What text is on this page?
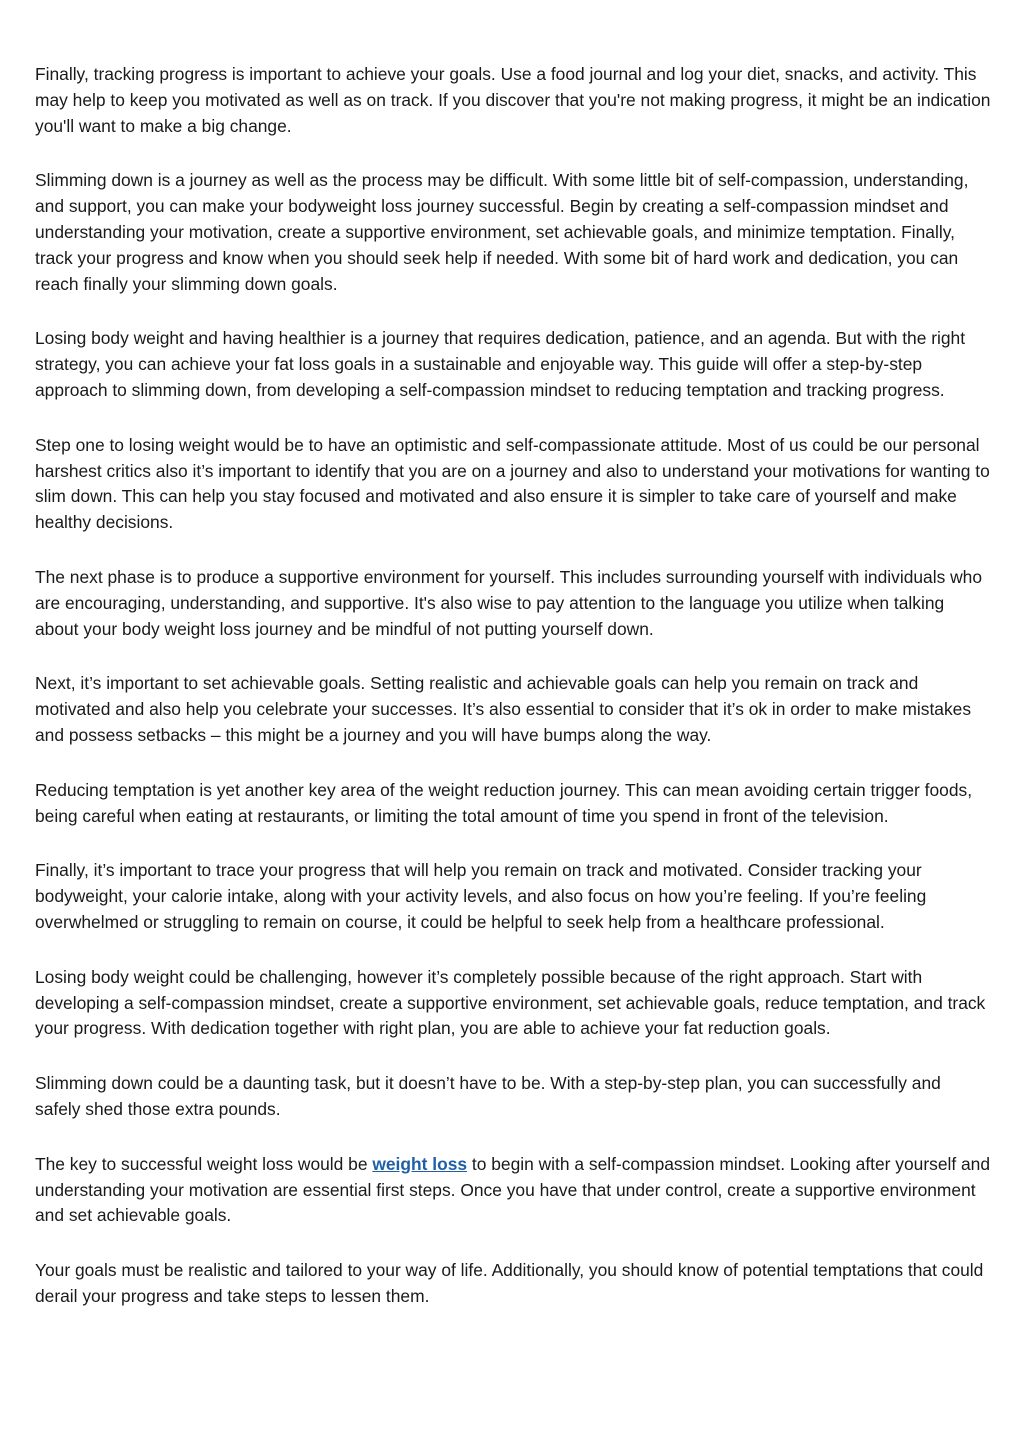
Finally, tracking progress is important to achieve your goals. Use a food journal and log your diet, snacks, and activity. This may help to keep you motivated as well as on track. If you discover that you're not making progress, it might be an indication you'll want to make a big change.

Slimming down is a journey as well as the process may be difficult. With some little bit of self-compassion, understanding, and support, you can make your bodyweight loss journey successful. Begin by creating a self-compassion mindset and understanding your motivation, create a supportive environment, set achievable goals, and minimize temptation. Finally, track your progress and know when you should seek help if needed. With some bit of hard work and dedication, you can reach finally your slimming down goals.

Losing body weight and having healthier is a journey that requires dedication, patience, and an agenda. But with the right strategy, you can achieve your fat loss goals in a sustainable and enjoyable way. This guide will offer a step-by-step approach to slimming down, from developing a self-compassion mindset to reducing temptation and tracking progress.

Step one to losing weight would be to have an optimistic and self-compassionate attitude. Most of us could be our personal harshest critics also it’s important to identify that you are on a journey and also to understand your motivations for wanting to slim down. This can help you stay focused and motivated and also ensure it is simpler to take care of yourself and make healthy decisions.

The next phase is to produce a supportive environment for yourself. This includes surrounding yourself with individuals who are encouraging, understanding, and supportive. It's also wise to pay attention to the language you utilize when talking about your body weight loss journey and be mindful of not putting yourself down.

Next, it’s important to set achievable goals. Setting realistic and achievable goals can help you remain on track and motivated and also help you celebrate your successes. It’s also essential to consider that it’s ok in order to make mistakes and possess setbacks – this might be a journey and you will have bumps along the way.

Reducing temptation is yet another key area of the weight reduction journey. This can mean avoiding certain trigger foods, being careful when eating at restaurants, or limiting the total amount of time you spend in front of the television.

Finally, it’s important to trace your progress that will help you remain on track and motivated. Consider tracking your bodyweight, your calorie intake, along with your activity levels, and also focus on how you’re feeling. If you’re feeling overwhelmed or struggling to remain on course, it could be helpful to seek help from a healthcare professional.

Losing body weight could be challenging, however it’s completely possible because of the right approach. Start with developing a self-compassion mindset, create a supportive environment, set achievable goals, reduce temptation, and track your progress. With dedication together with right plan, you are able to achieve your fat reduction goals.

Slimming down could be a daunting task, but it doesn’t have to be. With a step-by-step plan, you can successfully and safely shed those extra pounds.

The key to successful weight loss would be weight loss to begin with a self-compassion mindset. Looking after yourself and understanding your motivation are essential first steps. Once you have that under control, create a supportive environment and set achievable goals.

Your goals must be realistic and tailored to your way of life. Additionally, you should know of potential temptations that could derail your progress and take steps to lessen them.
